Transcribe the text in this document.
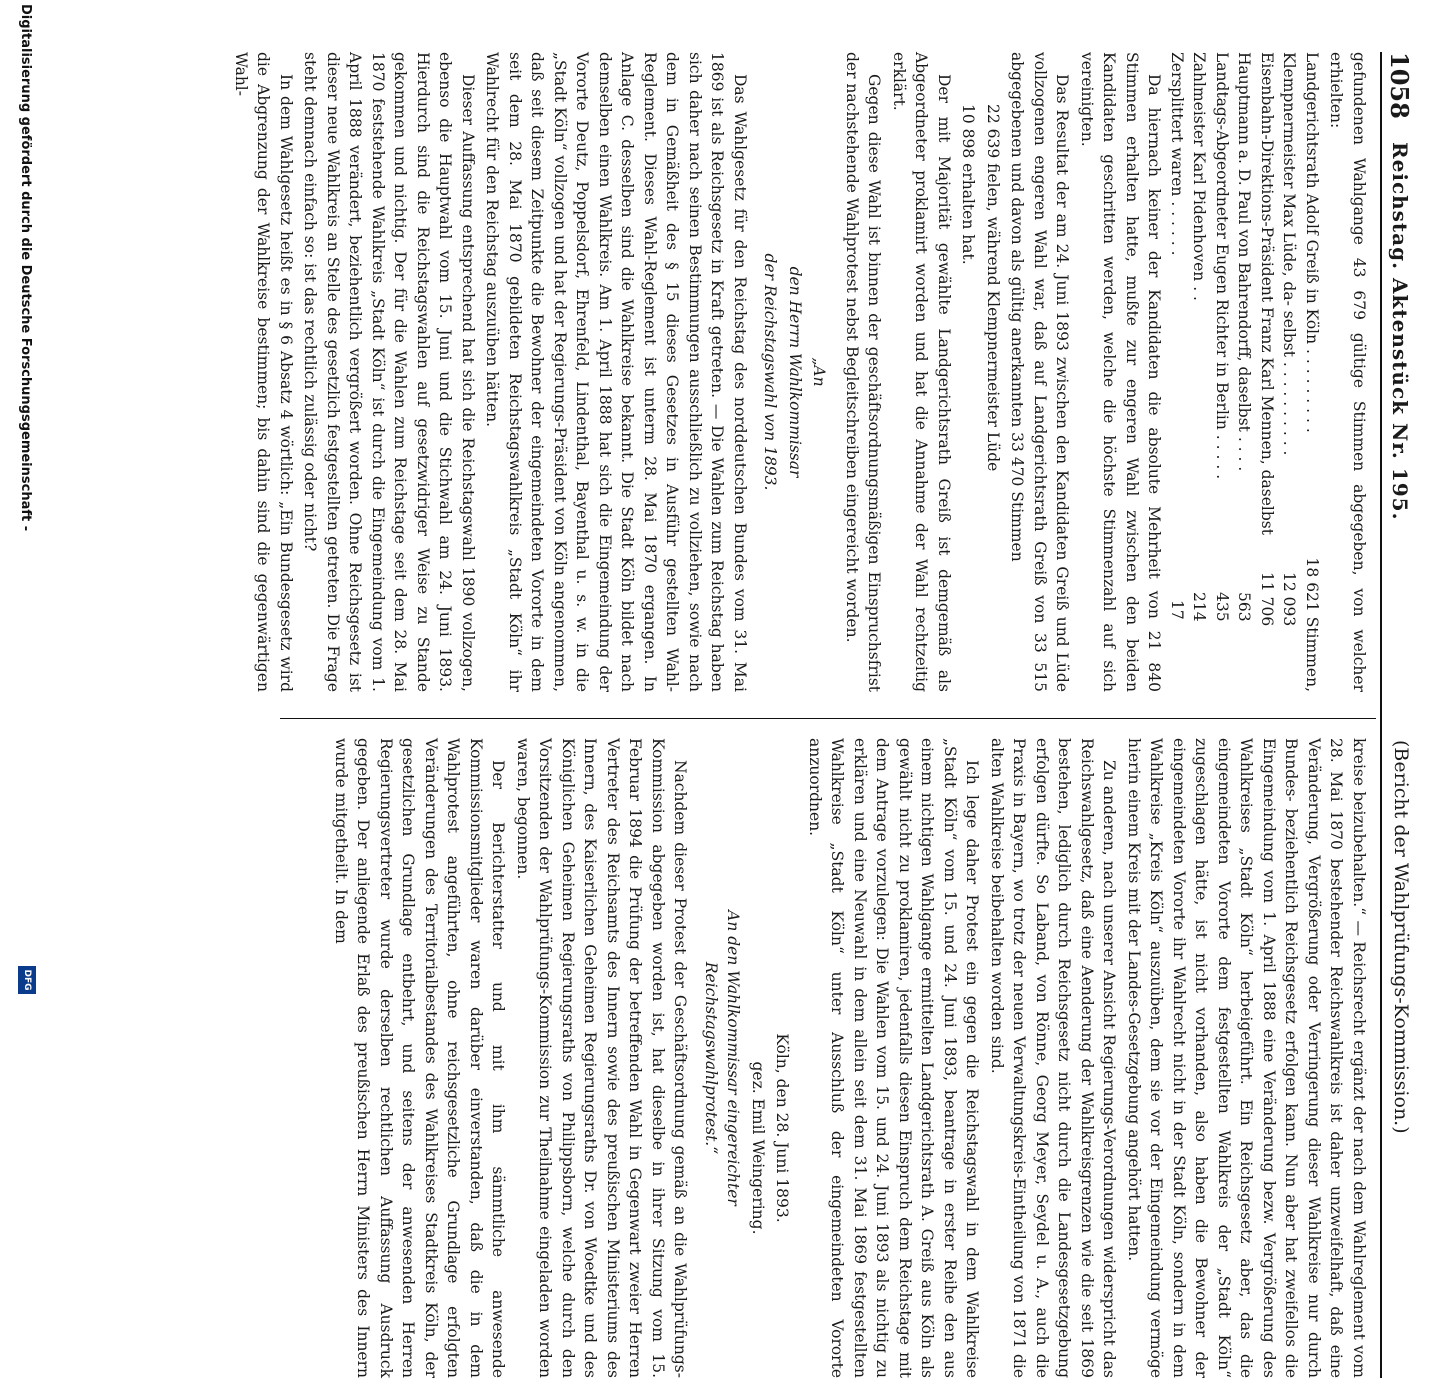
1058
Reichstag. Aktenstück Nr. 195.
(Bericht der Wahlprüfungs-Kommission.)

gefundenen Wahlgange 43 679 gültige Stimmen abgegeben, von welcher erhielten:

Landgerichtsrath Adolf Greiß in Köln . . . . . . . . .
18 621 Stimmen,
Klempnermeister Max Lüde, da- selbst . . . . . . . . . .
12 093
Eisenbahn-Direktions-Präsident Franz Karl Mennen, daselbst
11 706
Hauptmann a. D. Paul von Bahrendorff, daselbst . . . .
563
Landtags-Abgeordneter Eugen Richter in Berlin . . . . .
435
Zahlmeister Karl Pidenhoven . .
214
Zersplittert waren . . . . . .
17

Da hiernach keiner der Kandidaten die absolute Mehrheit von 21 840 Stimmen erhalten hatte, mußte zur engeren Wahl zwischen den beiden Kandidaten geschritten werden, welche die höchste Stimmenzahl auf sich vereinigten.

Das Resultat der am 24. Juni 1893 zwischen den Kandidaten Greiß und Lüde vollzogenen engeren Wahl war, daß auf Landgerichtsrath Greiß von 33 515 abgegebenen und davon als gültig anerkannten 33 470 Stimmen

22 639 fielen, während Klempnermeister Lüde

10 898 erhalten hat.

Der mit Majorität gewählte Landgerichtsrath Greiß ist demgemäß als Abgeordneter proklamirt worden und hat die Annahme der Wahl rechtzeitig erklärt.

Gegen diese Wahl ist binnen der geschäftsordnungsmäßigen Einspruchsfrist der nachstehende Wahlprotest nebst Begleitschreiben eingereicht worden.

„An

den Herrn Wahlkommissar

der Reichstagswahl von 1893.

Das Wahlgesetz für den Reichstag des norddeutschen Bundes vom 31. Mai 1869 ist als Reichsgesetz in Kraft getreten. — Die Wahlen zum Reichstag haben sich daher nach seinen Bestimmungen ausschließlich zu vollziehen, sowie nach dem in Gemäßheit des § 15 dieses Gesetzes in Ausführ gestellten Wahl-Reglement. Dieses Wahl-Reglement ist unterm 28. Mai 1870 ergangen. In Anlage C. desselben sind die Wahlkreise bekannt. Die Stadt Köln bildet nach demselben einen Wahlkreis. Am 1. April 1888 hat sich die Eingemeindung der Vororte Deutz, Poppelsdorf, Ehrenfeld, Lindenthal, Bayenthal u. s. w. in die „Stadt Köln“ vollzogen und hat der Regierungs-Präsident von Köln angenommen, daß seit diesem Zeitpunkte die Bewohner der eingemeindeten Vororte in dem seit dem 28. Mai 1870 gebildeten Reichstagswahlkreis „Stadt Köln“ ihr Wahlrecht für den Reichstag auszuüben hätten.

Dieser Auffassung entsprechend hat sich die Reichstagswahl 1890 vollzogen, ebenso die Hauptwahl vom 15. Juni und die Stichwahl am 24. Juni 1893. Hierdurch sind die Reichstagswahlen auf gesetzwidriger Weise zu Stande gekommen und nichtig. Der für die Wahlen zum Reichstage seit dem 28. Mai 1870 feststehende Wahlkreis „Stadt Köln“ ist durch die Eingemeindung vom 1. April 1888 verändert, beziehentlich vergrößert worden. Ohne Reichsgesetz ist dieser neue Wahlkreis an Stelle des gesetzlich festgestellten getreten. Die Frage steht demnach einfach so: ist das rechtlich zulässig oder nicht?

In dem Wahlgesetz heißt es in § 6 Absatz 4 wörtlich: „Ein Bundesgesetz wird die Abgrenzung der Wahlkreise bestimmen; bis dahin sind die gegenwärtigen Wahl-

kreise beizubehalten.“ — Reichsrecht ergänzt der nach dem Wahlreglement vom 28. Mai 1870 bestehender Reichswahlkreis ist daher unzweifelhaft, daß eine Veränderung, Vergrößerung oder Verringerung dieser Wahlkreise nur durch Bundes- beziehentlich Reichsgesetz erfolgen kann. Nun aber hat zweifellos die Eingemeindung vom 1. April 1888 eine Veränderung bezw. Vergrößerung des Wahlkreises „Stadt Köln“ herbeigeführt. Ein Reichsgesetz aber, das die eingemeindeten Vororte dem festgestellten Wahlkreis der „Stadt Köln“ zugeschlagen hätte, ist nicht vorhanden, also haben die Bewohner der eingemeindeten Vororte ihr Wahlrecht nicht in der Stadt Köln, sondern in dem Wahlkreise „Kreis Köln“ auszuüben, dem sie vor der Eingemeindung vermöge hierin einem Kreis mit der Landes-Gesetzgebung angehört hatten.

Zu anderen, nach unserer Ansicht Regierungs-Verordnungen widerspricht das Reichswahlgesetz, daß eine Aenderung der Wahlkreisgrenzen wie die seit 1869 bestehen, lediglich durch Reichsgesetz nicht durch die Landesgesetzgebung erfolgen dürfte. So Laband, von Rönne, Georg Meyer, Seydel u. A., auch die Praxis in Bayern, wo trotz der neuen Verwaltungskreis-Eintheilung von 1871 die alten Wahlkreise beibehalten worden sind.

Ich lege daher Protest ein gegen die Reichstagswahl in dem Wahlkreise „Stadt Köln“ vom 15. und 24. Juni 1893, beantrage in erster Reihe den aus einem nichtigen Wahlgange ermittelten Landgerichtsrath A. Greiß aus Köln als gewählt nicht zu proklamiren, jedenfalls diesen Einspruch dem Reichstage mit dem Antrage vorzulegen: Die Wahlen vom 15. und 24. Juni 1893 als nichtig zu erklären und eine Neuwahl in dem allein seit dem 31. Mai 1869 festgestellten Wahlkreise „Stadt Köln“ unter Ausschluß der eingemeindeten Vororte anzuordnen.

Köln, den 28. Juni 1893.

gez. Emil Weingering.

An den Wahlkommissar eingereichter Reichstagswahlprotest.“

Nachdem dieser Protest der Geschäftsordnung gemäß an die Wahlprüfungs-Kommission abgegeben worden ist, hat dieselbe in ihrer Sitzung vom 15. Februar 1894 die Prüfung der betreffenden Wahl in Gegenwart zweier Herren Vertreter des Reichsamts des Innern sowie des preußischen Ministeriums des Innern, des Kaiserlichen Geheimen Regierungsraths Dr. von Woedtke und des Königlichen Geheimen Regierungsraths von Philippsborn, welche durch den Vorsitzenden der Wahlprüfungs-Kommission zur Theilnahme eingeladen worden waren, begonnen.

Der Berichterstatter und mit ihm sämmtliche anwesende Kommissionsmitglieder waren darüber einverstanden, daß die in dem Wahlprotest angeführten, ohne reichsgesetzliche Grundlage erfolgten Veränderungen des Territorialbestandes des Wahlkreises Stadtkreis Köln, der gesetzlichen Grundlage entbehrt, und seitens der anwesenden Herren Regierungsvertreter wurde derselben rechtlichen Auffassung Ausdruck gegeben. Der anliegende Erlaß des preußischen Herrn Ministers des Innern wurde mitgetheilt. In dem

Digitalisierung gefördert durch die Deutsche Forschungsgemeinschaft -
DFG
